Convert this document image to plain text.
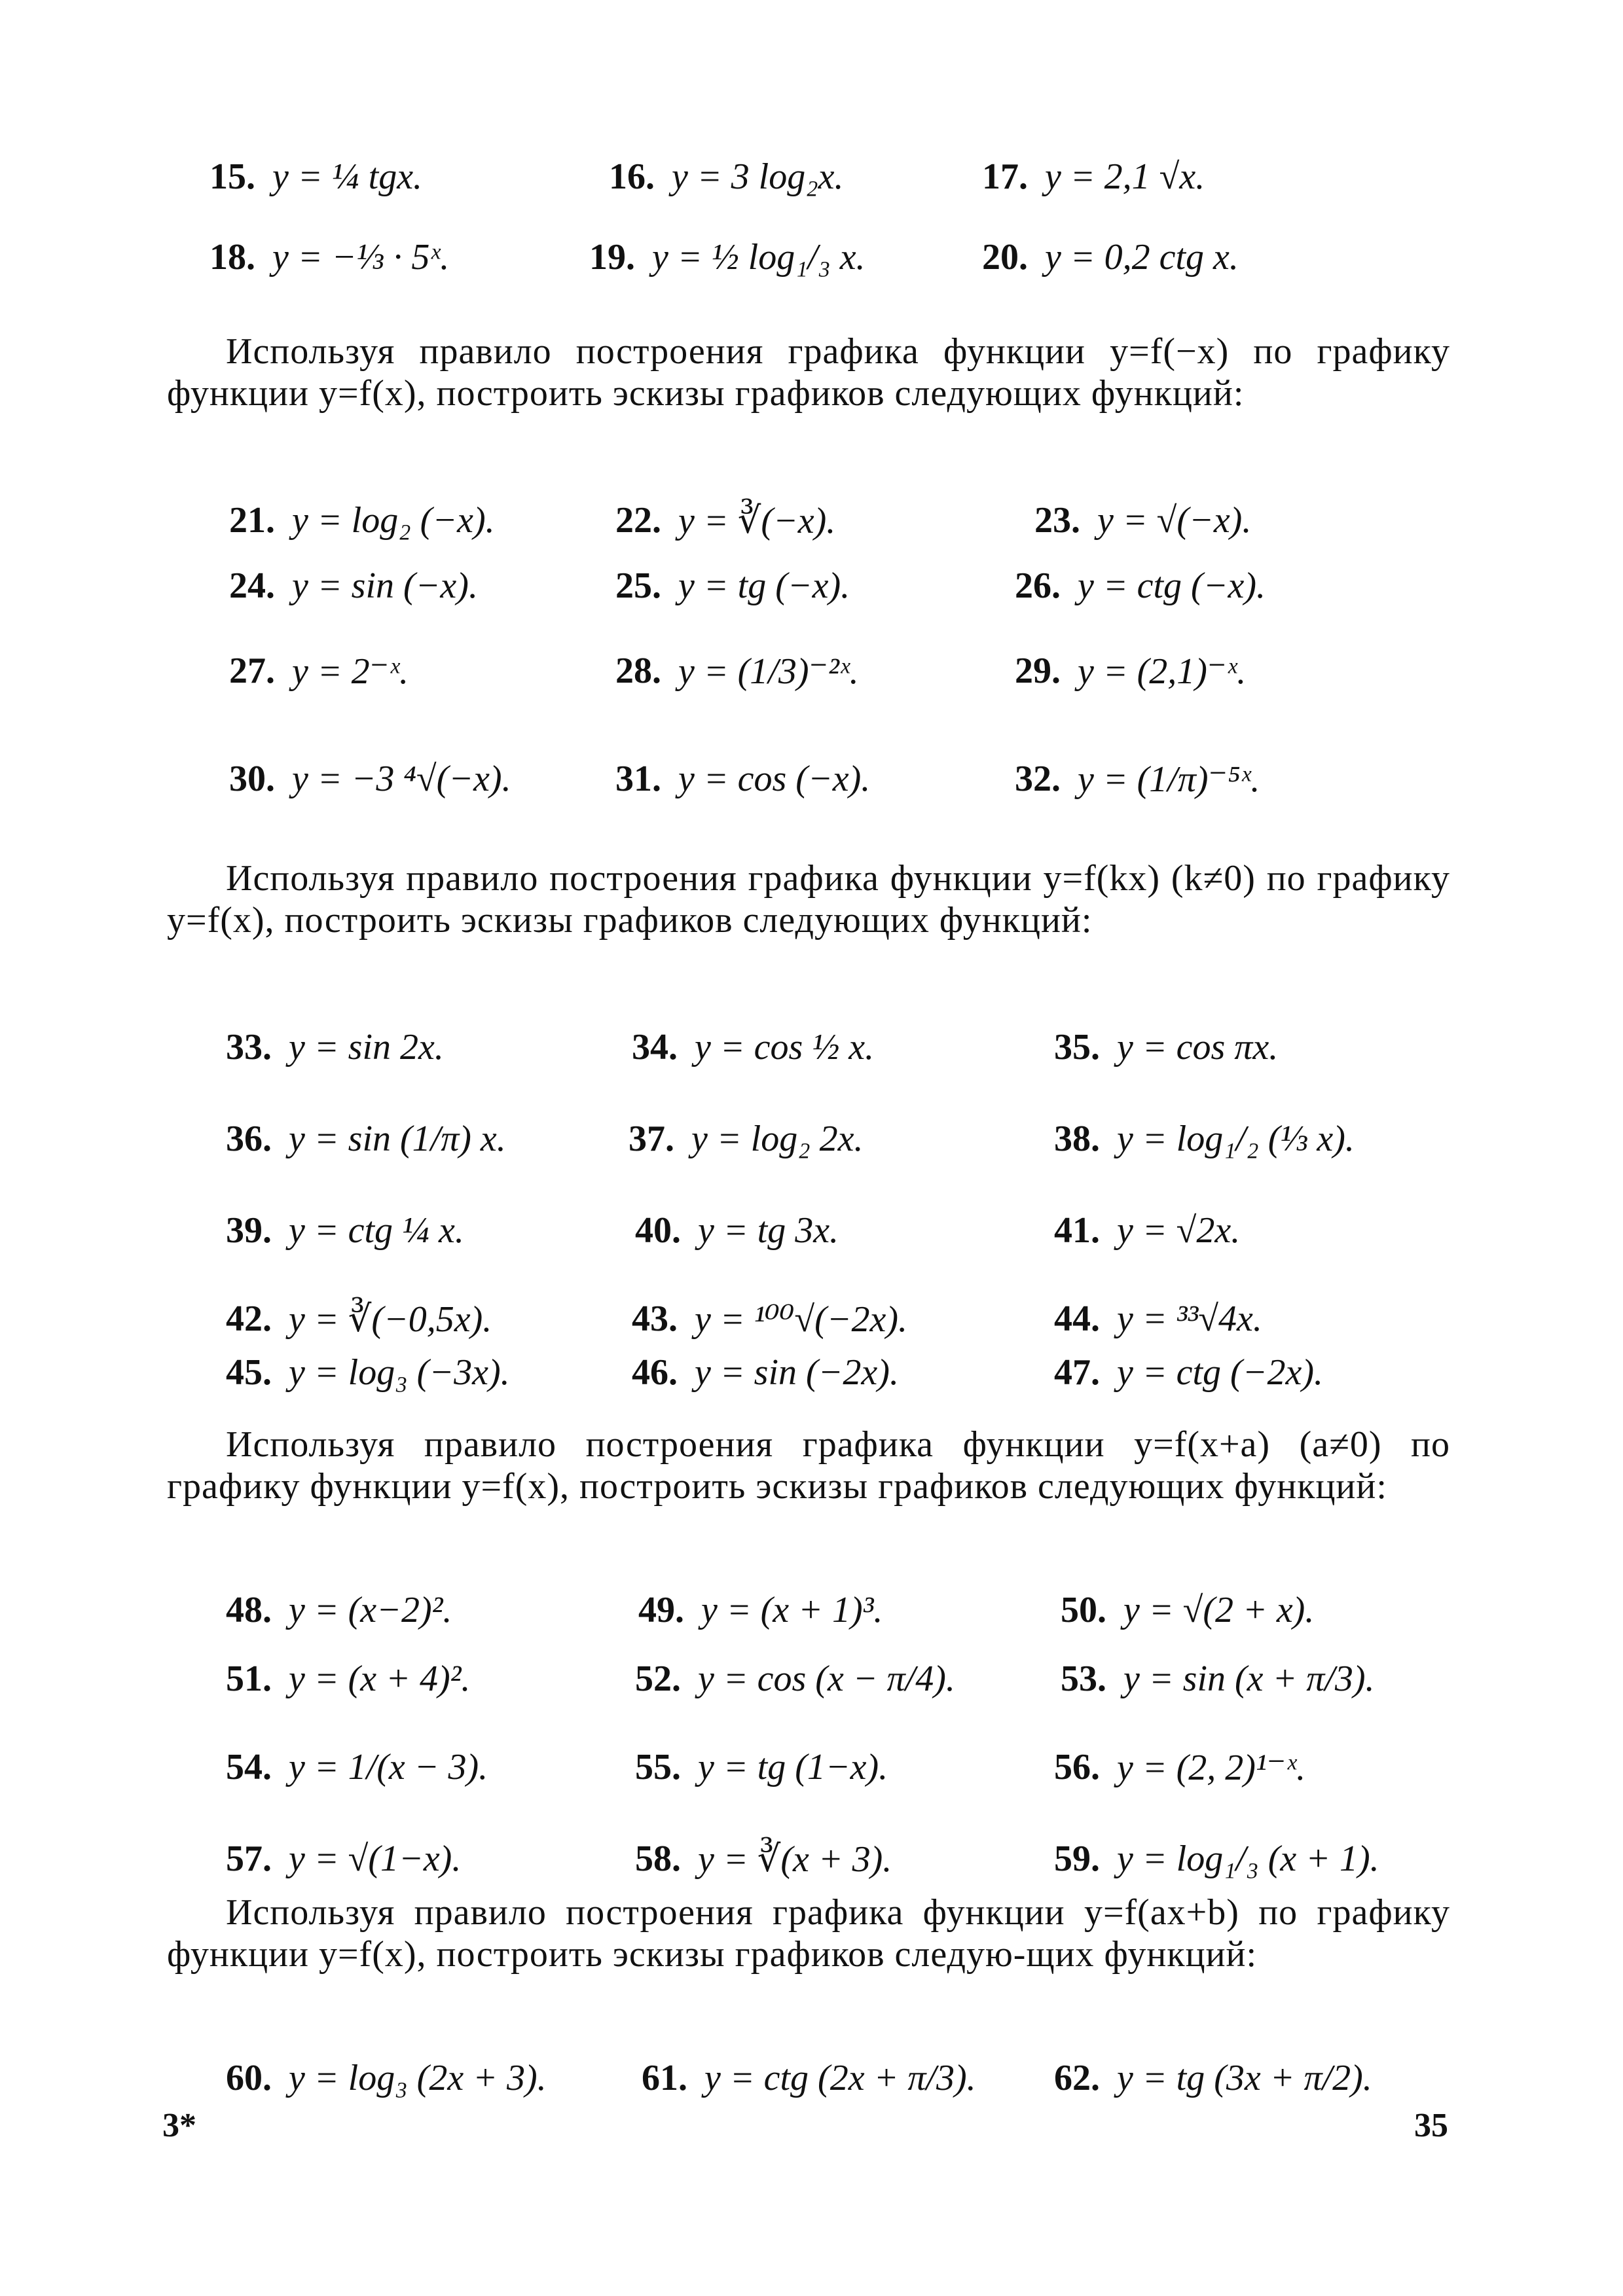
15. y = ¼ tgx.	16. y = 3 log₂x.	17. y = 2,1 √x.
18. y = −⅓ · 5ˣ.	19. y = ½ log₁/₃ x.	20. y = 0,2 ctg x.
Используя правило построения графика функции y=f(−x) по графику функции y=f(x), построить эскизы графиков следующих функций:
21. y = log₂ (−x).	22. y = ∛(−x).	23. y = √(−x).
24. y = sin (−x).	25. y = tg (−x).	26. y = ctg (−x).
27. y = 2⁻ˣ.	28. y = (1/3)⁻²ˣ.	29. y = (2,1)⁻ˣ.
30. y = −3 ⁴√(−x).	31. y = cos (−x).	32. y = (1/π)⁻⁵ˣ.
Используя правило построения графика функции y=f(kx) (k≠0) по графику y=f(x), построить эскизы графиков следующих функций:
33. y = sin 2x.	34. y = cos ½ x.	35. y = cos πx.
36. y = sin (1/π) x.	37. y = log₂ 2x.	38. y = log₁/₂ (⅓ x).
39. y = ctg ¼ x.	40. y = tg 3x.	41. y = √2x.
42. y = ∛(−0,5x).	43. y = ¹⁰⁰√(−2x).	44. y = ³³√4x.
45. y = log₃ (−3x).	46. y = sin (−2x).	47. y = ctg (−2x).
Используя правило построения графика функции y=f(x+a) (a≠0) по графику функции y=f(x), построить эскизы графиков следующих функций:
48. y = (x−2)².	49. y = (x + 1)³.	50. y = √(2 + x).
51. y = (x + 4)².	52. y = cos (x − π/4).	53. y = sin (x + π/3).
54. y = 1/(x − 3).	55. y = tg (1−x).	56. y = (2, 2)¹⁻ˣ.
57. y = √(1−x).	58. y = ∛(x + 3).	59. y = log₁/₃ (x + 1).
Используя правило построения графика функции y=f(ax+b) по графику функции y=f(x), построить эскизы графиков следую-щих функций:
60. y = log₃ (2x + 3).	61. y = ctg (2x + π/3). 62. y = tg (3x + π/2).
3*	35
